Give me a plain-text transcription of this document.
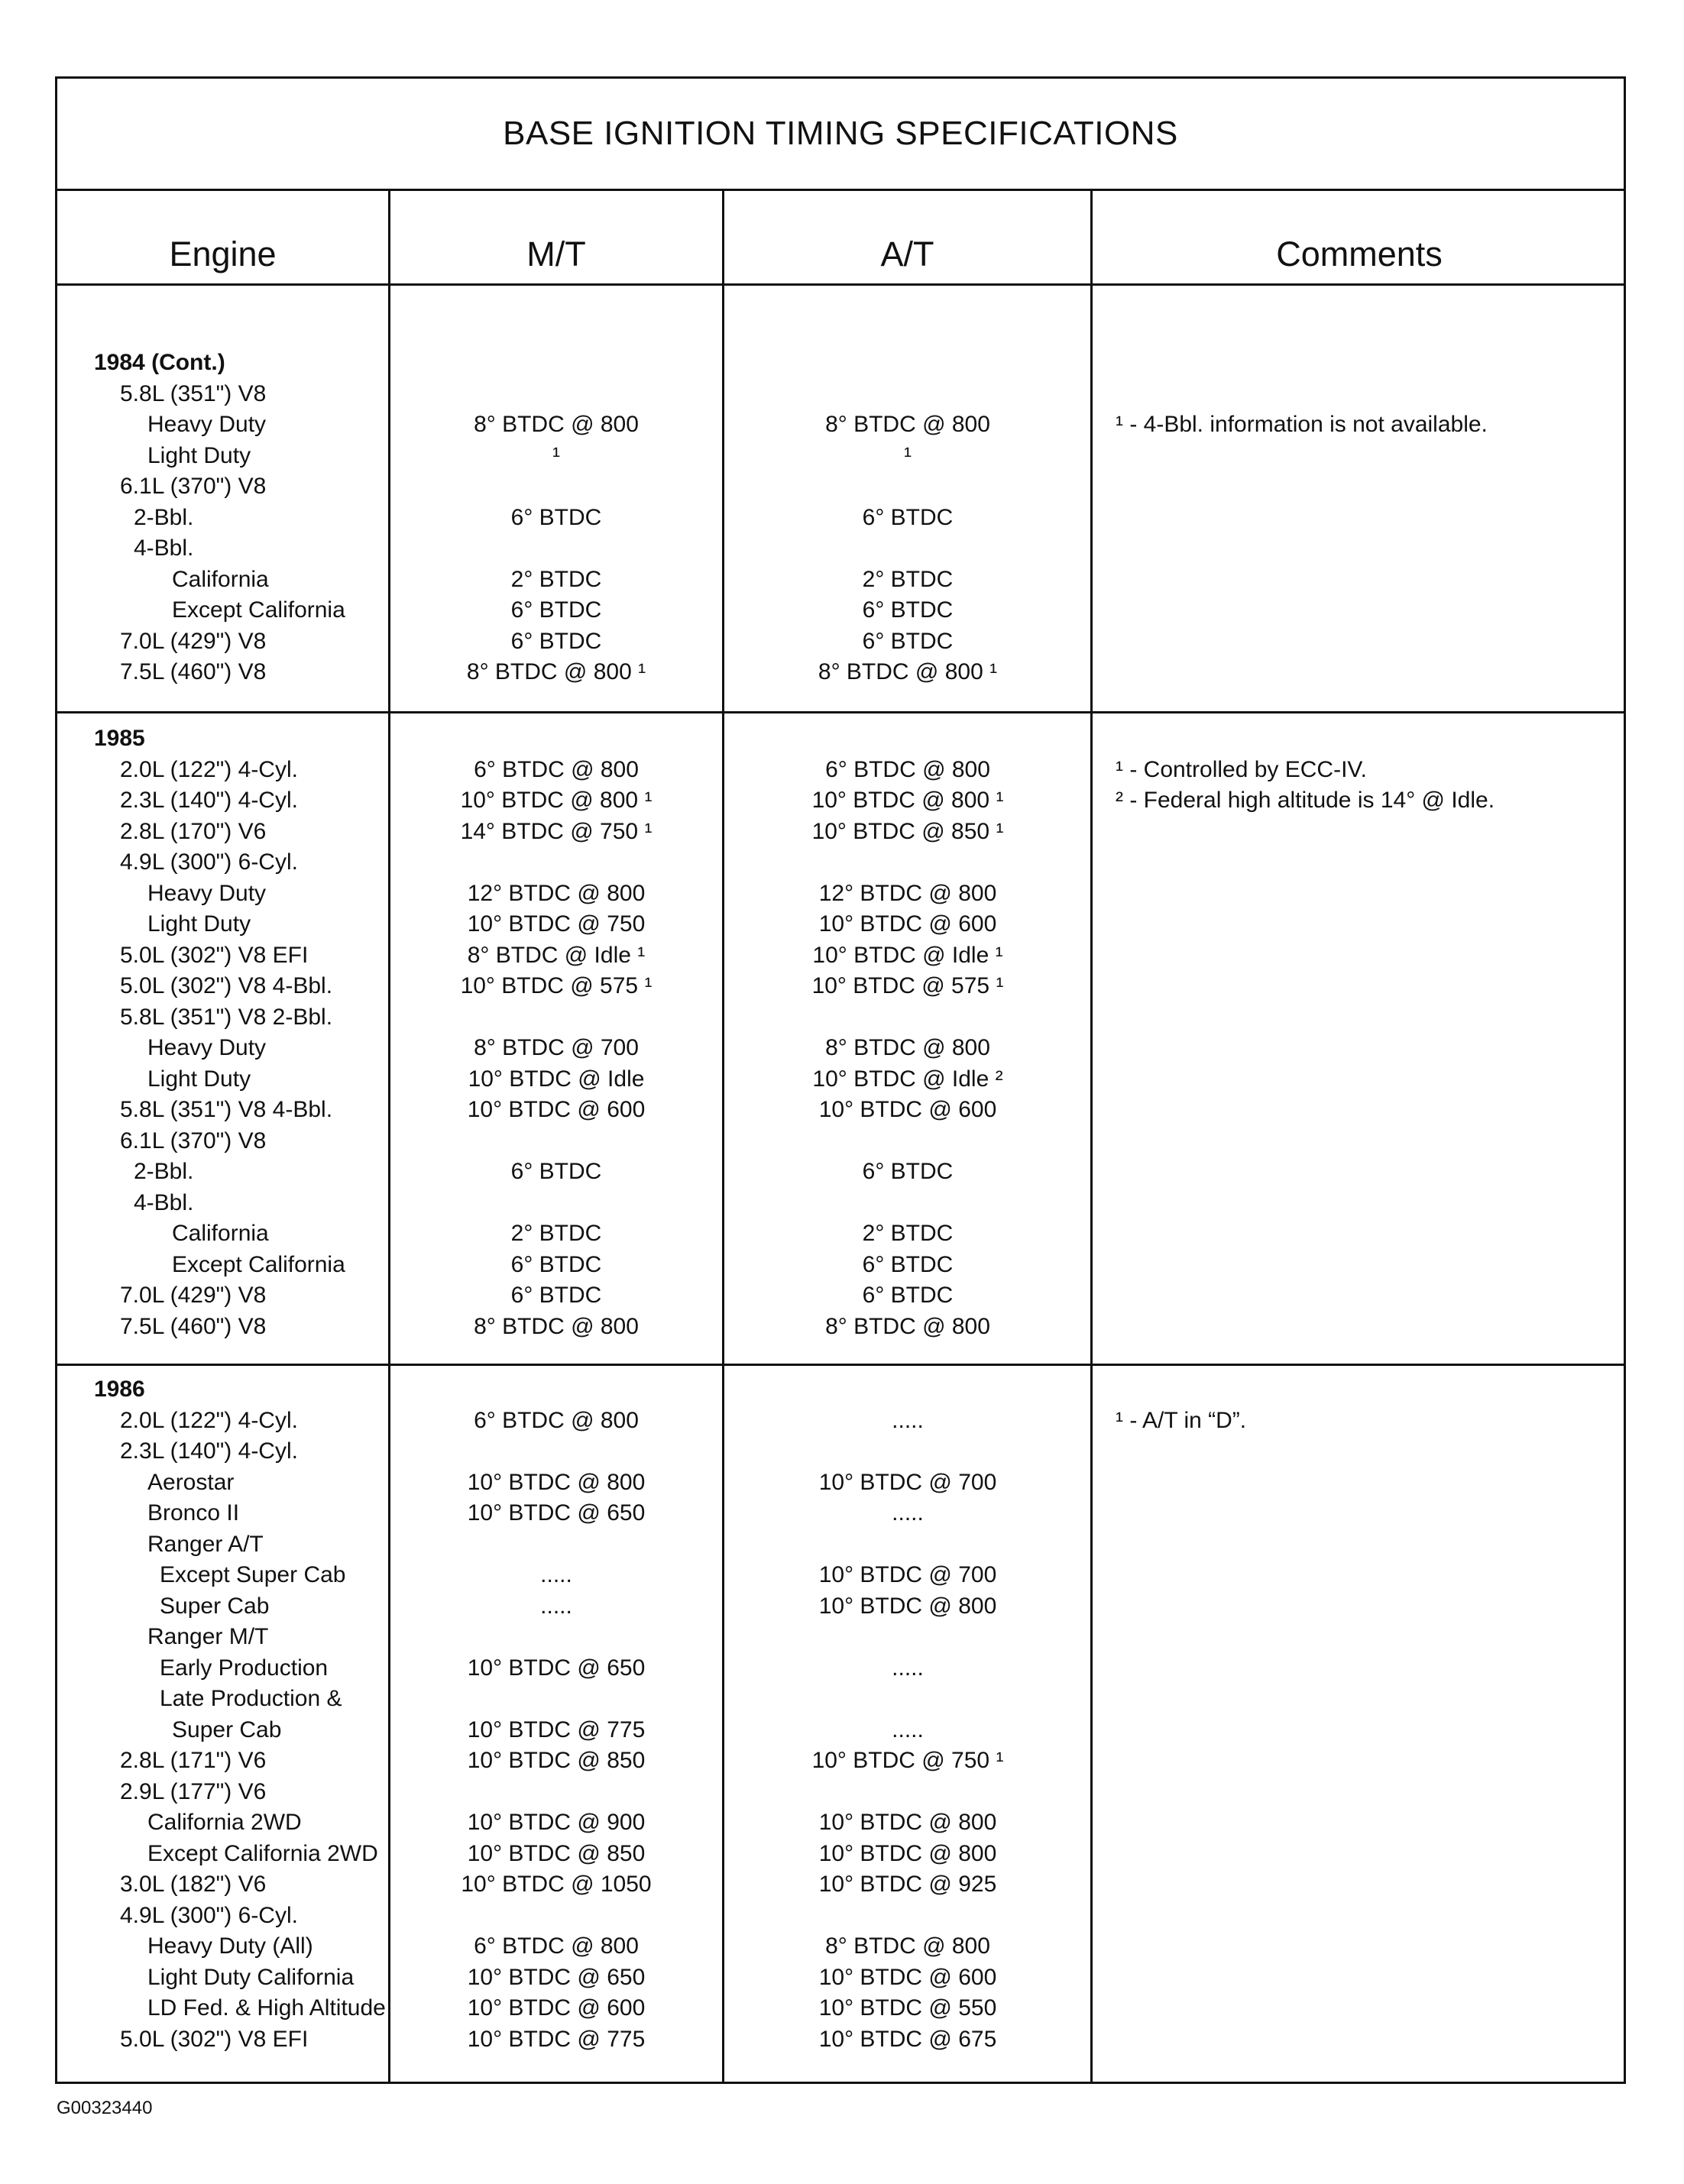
BASE IGNITION TIMING SPECIFICATIONS
Engine	M/T	A/T	Comments
1984 (Cont.)
5.8L (351") V8
Heavy Duty	8° BTDC @ 800	8° BTDC @ 800	¹ - 4-Bbl. information is not available.
Light Duty	¹	¹
6.1L (370") V8
2-Bbl.	6° BTDC	6° BTDC
4-Bbl.
California	2° BTDC	2° BTDC
Except California	6° BTDC	6° BTDC
7.0L (429") V8	6° BTDC	6° BTDC
7.5L (460") V8	8° BTDC @ 800 ¹	8° BTDC @ 800 ¹
1985
2.0L (122") 4-Cyl.	6° BTDC @ 800	6° BTDC @ 800	¹ - Controlled by ECC-IV.
2.3L (140") 4-Cyl.	10° BTDC @ 800 ¹	10° BTDC @ 800 ¹	² - Federal high altitude is 14° @ Idle.
2.8L (170") V6	14° BTDC @ 750 ¹	10° BTDC @ 850 ¹
4.9L (300") 6-Cyl.
Heavy Duty	12° BTDC @ 800	12° BTDC @ 800
Light Duty	10° BTDC @ 750	10° BTDC @ 600
5.0L (302") V8 EFI	8° BTDC @ Idle ¹	10° BTDC @ Idle ¹
5.0L (302") V8 4-Bbl.	10° BTDC @ 575 ¹	10° BTDC @ 575 ¹
5.8L (351") V8 2-Bbl.
Heavy Duty	8° BTDC @ 700	8° BTDC @ 800
Light Duty	10° BTDC @ Idle	10° BTDC @ Idle ²
5.8L (351") V8 4-Bbl.	10° BTDC @ 600	10° BTDC @ 600
6.1L (370") V8
2-Bbl.	6° BTDC	6° BTDC
4-Bbl.
California	2° BTDC	2° BTDC
Except California	6° BTDC	6° BTDC
7.0L (429") V8	6° BTDC	6° BTDC
7.5L (460") V8	8° BTDC @ 800	8° BTDC @ 800
1986
2.0L (122") 4-Cyl.	6° BTDC @ 800	.....	¹ - A/T in “D”.
2.3L (140") 4-Cyl.
Aerostar	10° BTDC @ 800	10° BTDC @ 700
Bronco II	10° BTDC @ 650	.....
Ranger A/T
Except Super Cab	.....	10° BTDC @ 700
Super Cab	.....	10° BTDC @ 800
Ranger M/T
Early Production	10° BTDC @ 650	.....
Late Production &
Super Cab	10° BTDC @ 775	.....
2.8L (171") V6	10° BTDC @ 850	10° BTDC @ 750 ¹
2.9L (177") V6
California 2WD	10° BTDC @ 900	10° BTDC @ 800
Except California 2WD	10° BTDC @ 850	10° BTDC @ 800
3.0L (182") V6	10° BTDC @ 1050	10° BTDC @ 925
4.9L (300") 6-Cyl.
Heavy Duty (All)	6° BTDC @ 800	8° BTDC @ 800
Light Duty California	10° BTDC @ 650	10° BTDC @ 600
LD Fed. & High Altitude	10° BTDC @ 600	10° BTDC @ 550
5.0L (302") V8 EFI	10° BTDC @ 775	10° BTDC @ 675
G00323440
